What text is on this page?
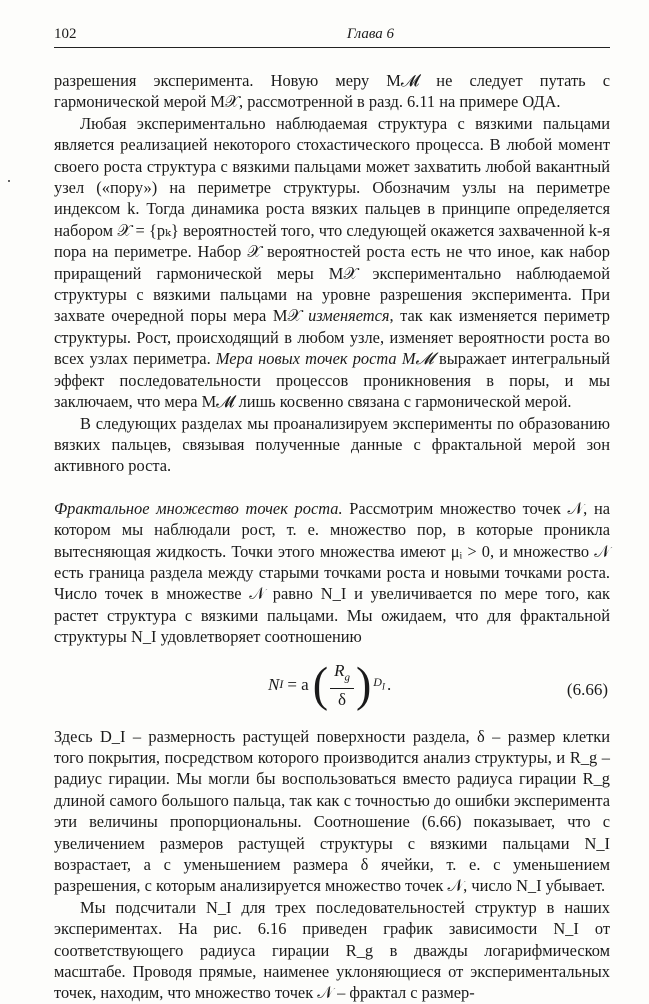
102	Глава 6

разрешения эксперимента. Новую меру M𝓜 не следует путать с гармонической мерой M𝒳, рассмотренной в разд. 6.11 на примере ОДА.

Любая экспериментально наблюдаемая структура с вязкими пальцами является реализацией некоторого стохастического процесса. В любой момент своего роста структура с вязкими пальцами может захватить любой вакантный узел («пору») на периметре структуры. Обозначим узлы на периметре индексом k. Тогда динамика роста вязких пальцев в принципе определяется набором 𝒳 = {pₖ} вероятностей того, что следующей окажется захваченной k-я пора на периметре. Набор 𝒳 вероятностей роста есть не что иное, как набор приращений гармонической меры M𝒳 экспериментально наблюдаемой структуры с вязкими пальцами на уровне разрешения эксперимента. При захвате очередной поры мера M𝒳 изменяется, так как изменяется периметр структуры. Рост, происходящий в любом узле, изменяет вероятности роста во всех узлах периметра. Мера новых точек роста M𝓜 выражает интегральный эффект последовательности процессов проникновения в поры, и мы заключаем, что мера M𝓜 лишь косвенно связана с гармонической мерой.

В следующих разделах мы проанализируем эксперименты по образованию вязких пальцев, связывая полученные данные с фрактальной мерой зон активного роста.

Фрактальное множество точек роста. Рассмотрим множество точек 𝒩, на котором мы наблюдали рост, т. е. множество пор, в которые проникла вытесняющая жидкость. Точки этого множества имеют μᵢ > 0, и множество 𝒩 есть граница раздела между старыми точками роста и новыми точками роста. Число точек в множестве 𝒩 равно N_I и увеличивается по мере того, как растет структура с вязкими пальцами. Мы ожидаем, что для фрактальной структуры N_I удовлетворяет соотношению

N I = a ( $\frac{R_g}{\delta}$ ) $D_I$ .	(6.66)

Здесь D_I – размерность растущей поверхности раздела, δ – размер клетки того покрытия, посредством которого производится анализ структуры, и R_g – радиус гирации. Мы могли бы воспользоваться вместо радиуса гирации R_g длиной самого большого пальца, так как с точностью до ошибки эксперимента эти величины пропорциональны. Соотношение (6.66) показывает, что с увеличением размеров растущей структуры с вязкими пальцами N_I возрастает, а с уменьшением размера δ ячейки, т. е. с уменьшением разрешения, с которым анализируется множество точек 𝒩, число N_I убывает.

Мы подсчитали N_I для трех последовательностей структур в наших экспериментах. На рис. 6.16 приведен график зависимости N_I от соответствующего радиуса гирации R_g в дважды логарифмическом масштабе. Проводя прямые, наименее уклоняющиеся от экспериментальных точек, находим, что множество точек 𝒩 – фрактал с размер-
